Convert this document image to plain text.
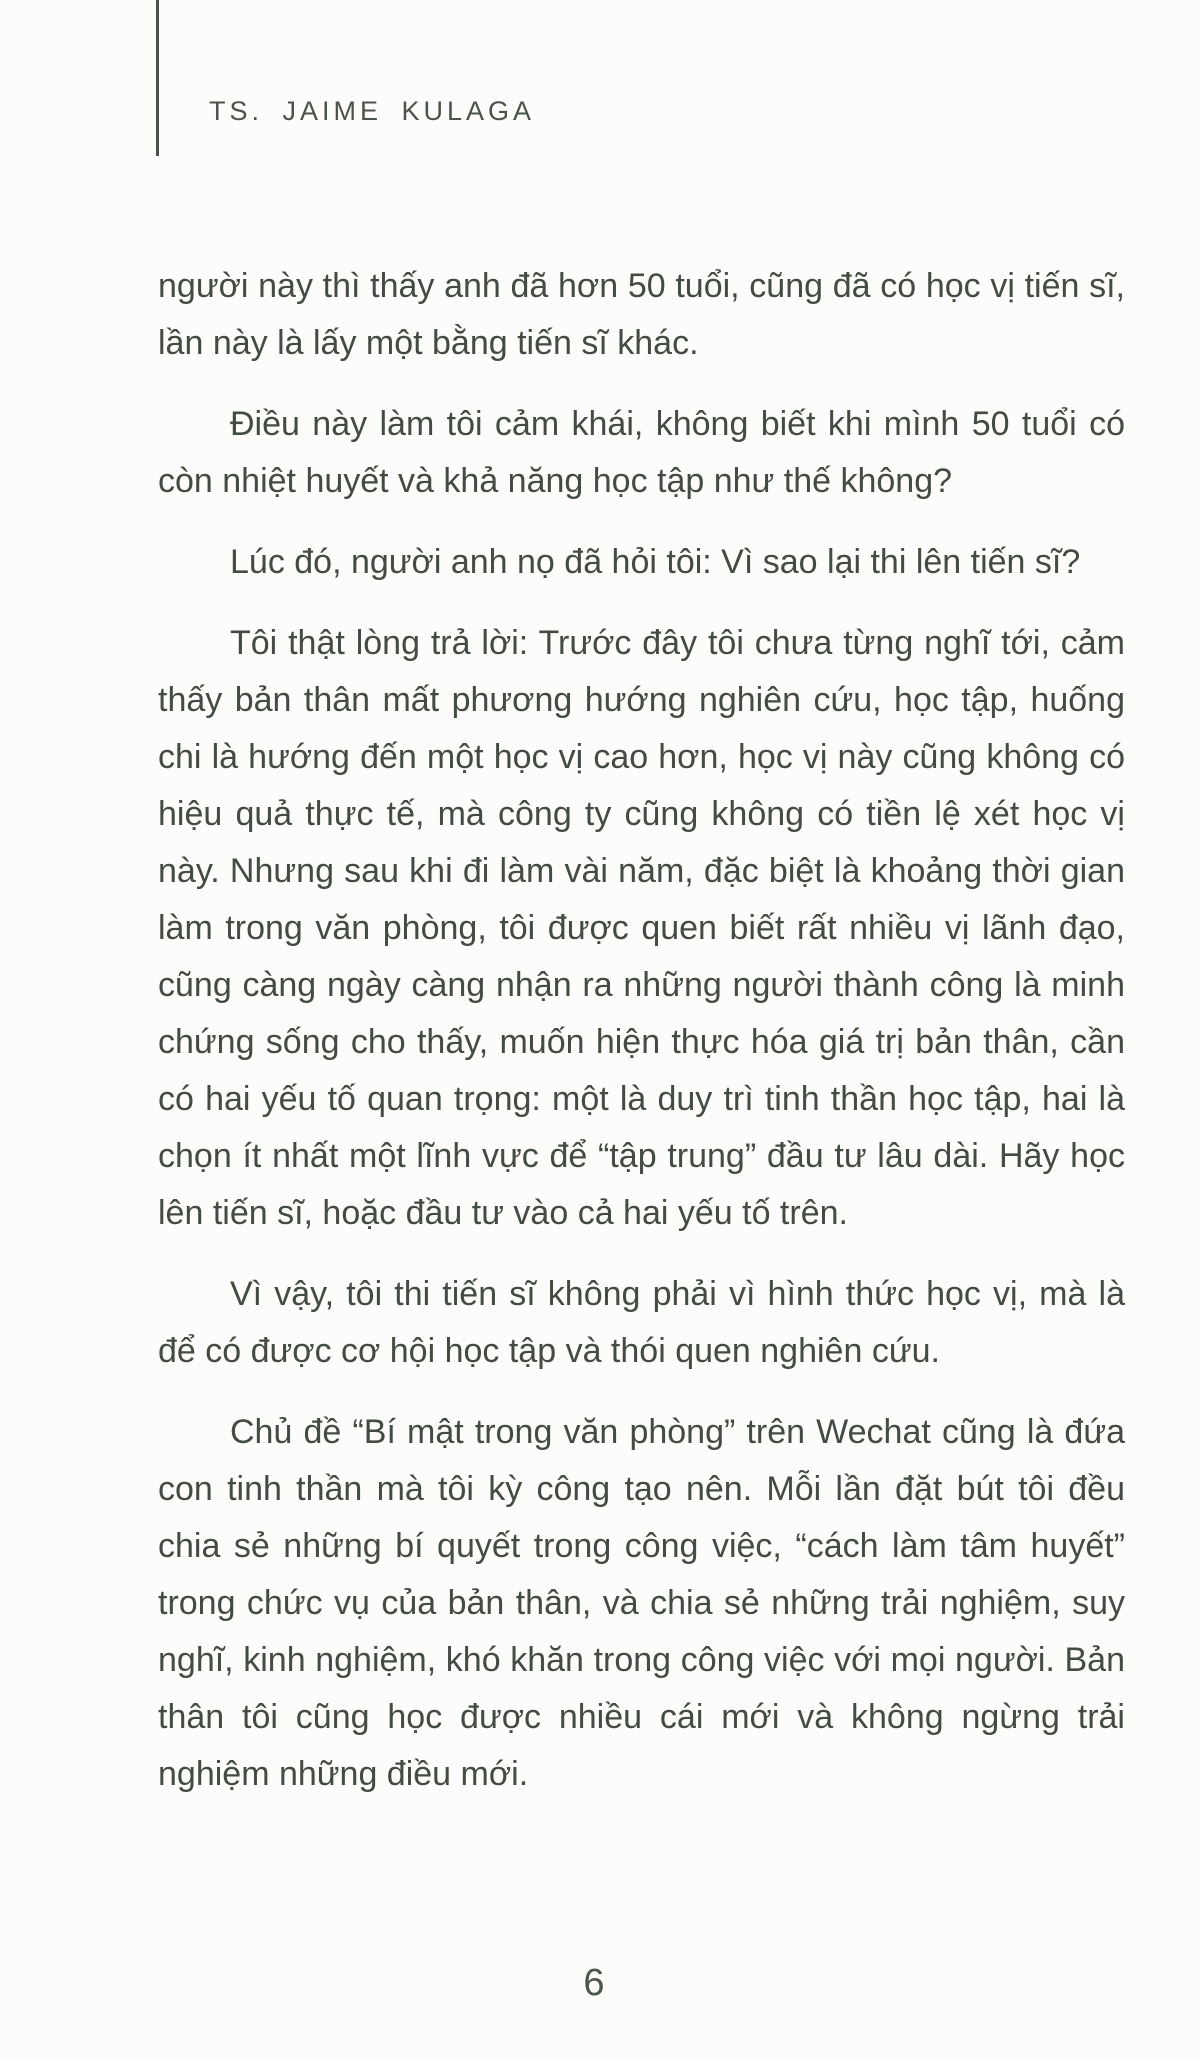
TS. JAIME KULAGA

người này thì thấy anh đã hơn 50 tuổi, cũng đã có học vị tiến sĩ, lần này là lấy một bằng tiến sĩ khác.

Điều này làm tôi cảm khái, không biết khi mình 50 tuổi có còn nhiệt huyết và khả năng học tập như thế không?

Lúc đó, người anh nọ đã hỏi tôi: Vì sao lại thi lên tiến sĩ?

Tôi thật lòng trả lời: Trước đây tôi chưa từng nghĩ tới, cảm thấy bản thân mất phương hướng nghiên cứu, học tập, huống chi là hướng đến một học vị cao hơn, học vị này cũng không có hiệu quả thực tế, mà công ty cũng không có tiền lệ xét học vị này. Nhưng sau khi đi làm vài năm, đặc biệt là khoảng thời gian làm trong văn phòng, tôi được quen biết rất nhiều vị lãnh đạo, cũng càng ngày càng nhận ra những người thành công là minh chứng sống cho thấy, muốn hiện thực hóa giá trị bản thân, cần có hai yếu tố quan trọng: một là duy trì tinh thần học tập, hai là chọn ít nhất một lĩnh vực để “tập trung” đầu tư lâu dài. Hãy học lên tiến sĩ, hoặc đầu tư vào cả hai yếu tố trên.

Vì vậy, tôi thi tiến sĩ không phải vì hình thức học vị, mà là để có được cơ hội học tập và thói quen nghiên cứu.

Chủ đề “Bí mật trong văn phòng” trên Wechat cũng là đứa con tinh thần mà tôi kỳ công tạo nên. Mỗi lần đặt bút tôi đều chia sẻ những bí quyết trong công việc, “cách làm tâm huyết” trong chức vụ của bản thân, và chia sẻ những trải nghiệm, suy nghĩ, kinh nghiệm, khó khăn trong công việc với mọi người. Bản thân tôi cũng học được nhiều cái mới và không ngừng trải nghiệm những điều mới.

6
